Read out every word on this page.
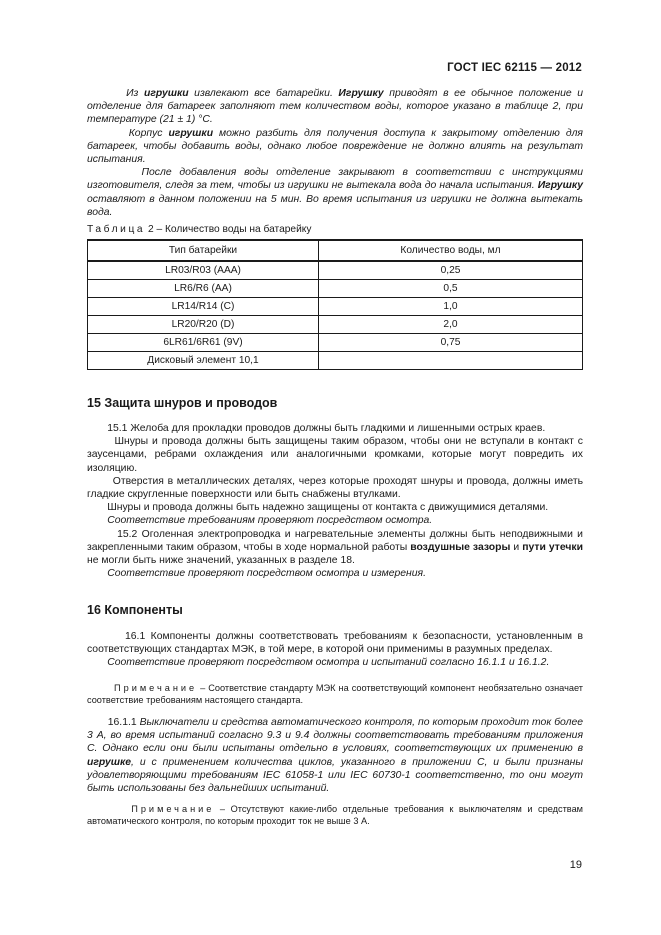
ГОСТ IEC 62115 — 2012

Из игрушки извлекают все батарейки. Игрушку приводят в ее обычное положение и отделение для батареек заполняют тем количеством воды, которое указано в таблице 2, при температуре (21 ± 1) °С.

Корпус игрушки можно разбить для получения доступа к закрытому отделению для батареек, чтобы добавить воды, однако любое повреждение не должно влиять на результат испытания.

После добавления воды отделение закрывают в соответствии с инструкциями изготовителя, следя за тем, чтобы из игрушки не вытекала вода до начала испытания. Игрушку оставляют в данном положении на 5 мин. Во время испытания из игрушки не должна вытекать вода.

Таблица 2 – Количество воды на батарейку
Тип батарейки	Количество воды, мл
LR03/R03 (ААА)	0,25
LR6/R6 (АА)	0,5
LR14/R14 (C)	1,0
LR20/R20 (D)	2,0
6LR61/6R61 (9V)	0,75
Дисковый элемент 10,1	
15 Защита шнуров и проводов

15.1 Желоба для прокладки проводов должны быть гладкими и лишенными острых краев.

Шнуры и провода должны быть защищены таким образом, чтобы они не вступали в контакт с заусенцами, ребрами охлаждения или аналогичными кромками, которые могут повредить их изоляцию.

Отверстия в металлических деталях, через которые проходят шнуры и провода, должны иметь гладкие скругленные поверхности или быть снабжены втулками.

Шнуры и провода должны быть надежно защищены от контакта с движущимися деталями.

Соответствие требованиям проверяют посредством осмотра.

15.2 Оголенная электропроводка и нагревательные элементы должны быть неподвижными и закрепленными таким образом, чтобы в ходе нормальной работы воздушные зазоры и пути утечки не могли быть ниже значений, указанных в разделе 18.

Соответствие проверяют посредством осмотра и измерения.

16 Компоненты

16.1 Компоненты должны соответствовать требованиям к безопасности, установленным в соответствующих стандартах МЭК, в той мере, в которой они применимы в разумных пределах.

Соответствие проверяют посредством осмотра и испытаний согласно 16.1.1 и 16.1.2.

Примечание – Соответствие стандарту МЭК на соответствующий компонент необязательно означает соответствие требованиям настоящего стандарта.

16.1.1 Выключатели и средства автоматического контроля, по которым проходит ток более 3 А, во время испытаний согласно 9.3 и 9.4 должны соответствовать требованиям приложения С. Однако если они были испытаны отдельно в условиях, соответствующих их применению в игрушке, и с применением количества циклов, указанного в приложении С, и были признаны удовлетворяющими требованиям IEC 61058-1 или IEC 60730-1 соответственно, то они могут быть использованы без дальнейших испытаний.

Примечание – Отсутствуют какие-либо отдельные требования к выключателям и средствам автоматического контроля, по которым проходит ток не выше 3 А.

19
